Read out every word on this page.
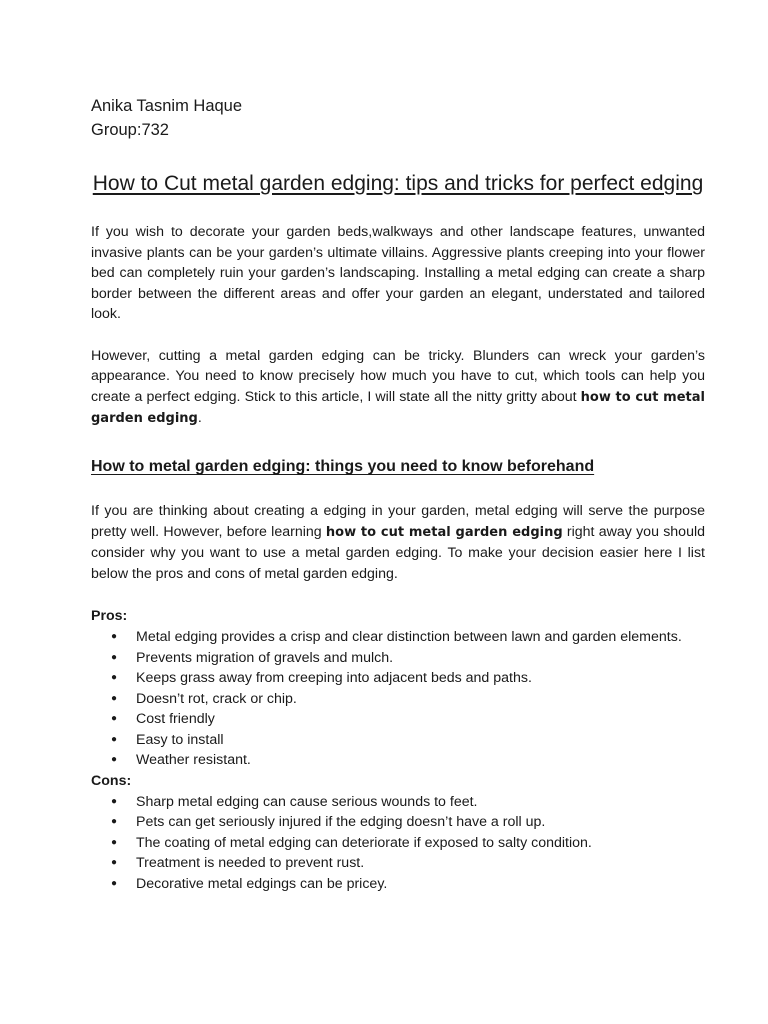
Anika Tasnim Haque

Group:732

How to Cut metal garden edging: tips and tricks for perfect edging

If you wish to decorate your garden beds,walkways and other landscape features, unwanted invasive plants can be your garden’s ultimate villains. Aggressive plants creeping into your flower bed can completely ruin your garden’s landscaping. Installing a metal edging can create a sharp border between the different areas and offer your garden an elegant, understated and tailored look.

However, cutting a metal garden edging can be tricky. Blunders can wreck your garden’s appearance. You need to know precisely how much you have to cut, which tools can help you create a perfect edging. Stick to this article, I will state all the nitty gritty about how to cut metal garden edging.

How to metal garden edging: things you need to know beforehand

If you are thinking about creating a edging in your garden, metal edging will serve the purpose pretty well. However, before learning how to cut metal garden edging right away you should consider why you want to use a metal garden edging. To make your decision easier here I list below the pros and cons of metal garden edging.

Pros:

● Metal edging provides a crisp and clear distinction between lawn and garden elements.
● Prevents migration of gravels and mulch.
● Keeps grass away from creeping into adjacent beds and paths.
● Doesn’t rot, crack or chip.
● Cost friendly
● Easy to install
● Weather resistant.

Cons:

● Sharp metal edging can cause serious wounds to feet.
● Pets can get seriously injured if the edging doesn’t have a roll up.
● The coating of metal edging can deteriorate if exposed to salty condition.
● Treatment is needed to prevent rust.
● Decorative metal edgings can be pricey.
